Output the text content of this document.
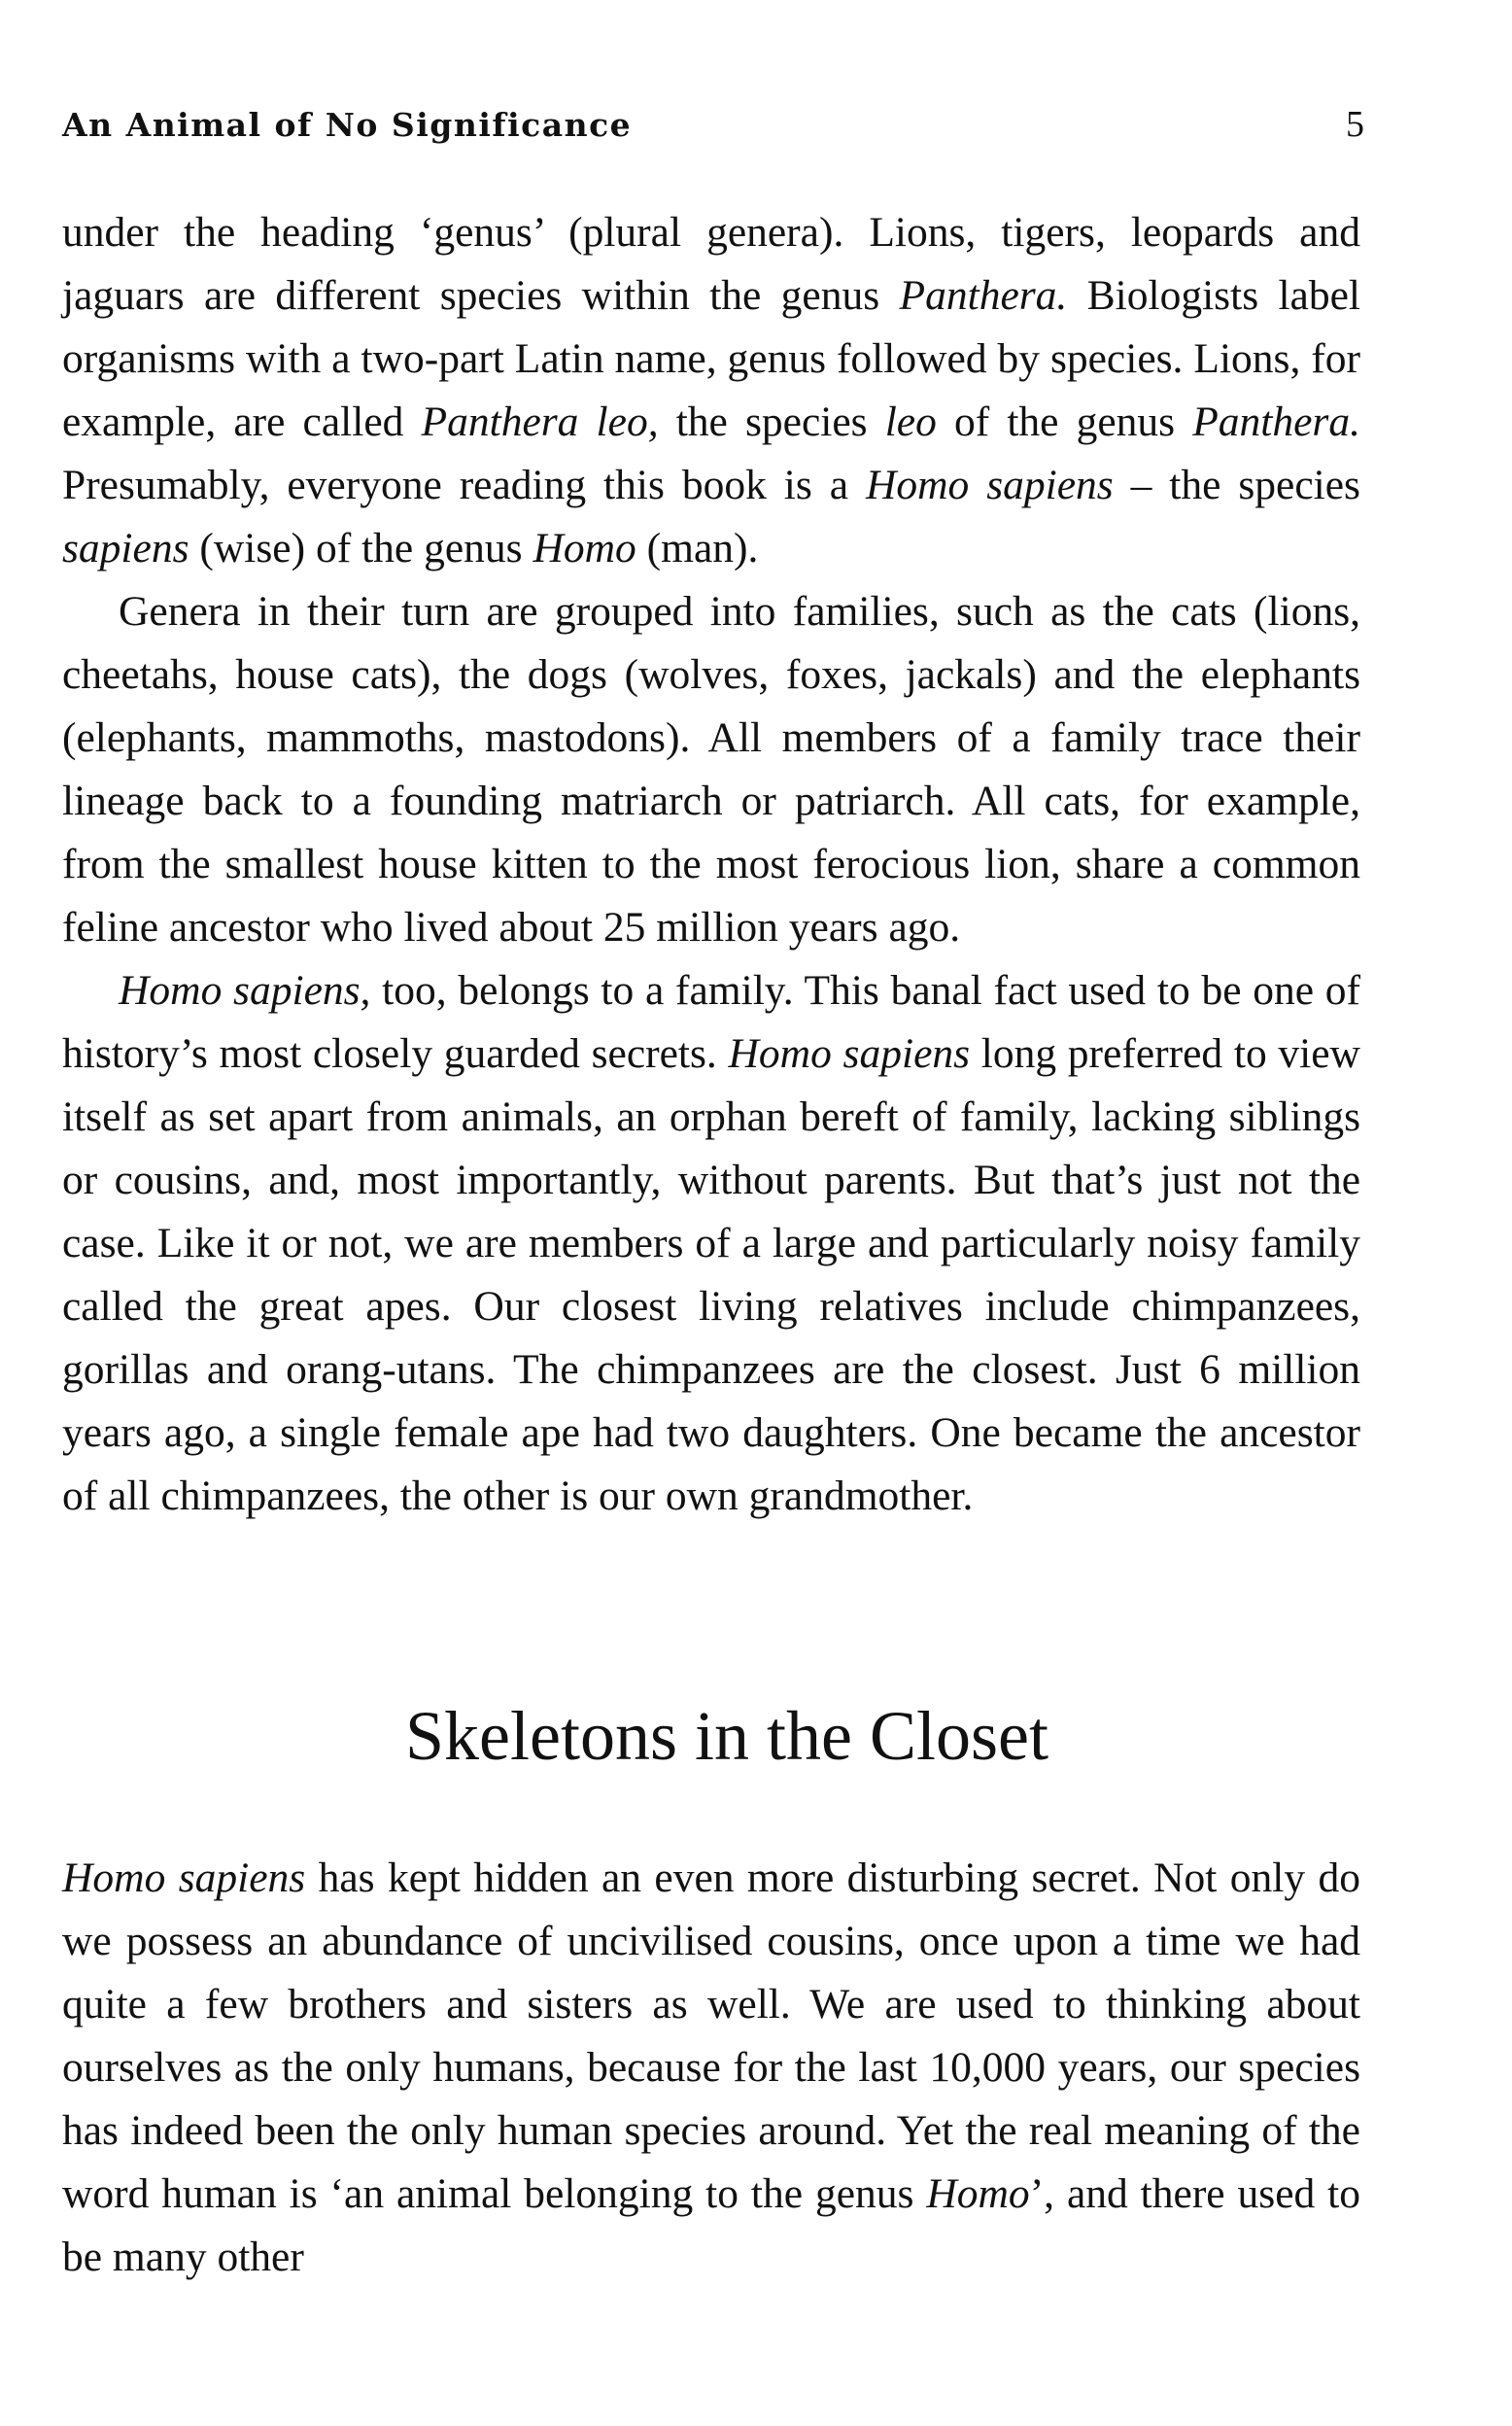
An Animal of No Significance	5

under the heading ‘genus’ (plural genera). Lions, tigers, leopards and jaguars are different species within the genus Panthera. Biologists label organisms with a two-part Latin name, genus followed by species. Lions, for example, are called Panthera leo, the species leo of the genus Panthera. Presumably, everyone reading this book is a Homo sapiens – the species sapiens (wise) of the genus Homo (man).

Genera in their turn are grouped into families, such as the cats (lions, cheetahs, house cats), the dogs (wolves, foxes, jackals) and the elephants (elephants, mammoths, mastodons). All members of a family trace their lineage back to a founding matriarch or patriarch. All cats, for example, from the smallest house kitten to the most ferocious lion, share a common feline ancestor who lived about 25 million years ago.

Homo sapiens, too, belongs to a family. This banal fact used to be one of history’s most closely guarded secrets. Homo sapiens long preferred to view itself as set apart from animals, an orphan bereft of family, lacking siblings or cousins, and, most importantly, without parents. But that’s just not the case. Like it or not, we are members of a large and particularly noisy family called the great apes. Our closest living relatives include chimpanzees, gorillas and orang-utans. The chimpanzees are the closest. Just 6 million years ago, a single female ape had two daughters. One became the ancestor of all chimpanzees, the other is our own grandmother.

Skeletons in the Closet

Homo sapiens has kept hidden an even more disturbing secret. Not only do we possess an abundance of uncivilised cousins, once upon a time we had quite a few brothers and sisters as well. We are used to thinking about ourselves as the only humans, because for the last 10,000 years, our species has indeed been the only human species around. Yet the real meaning of the word human is ‘an animal belonging to the genus Homo’, and there used to be many other
